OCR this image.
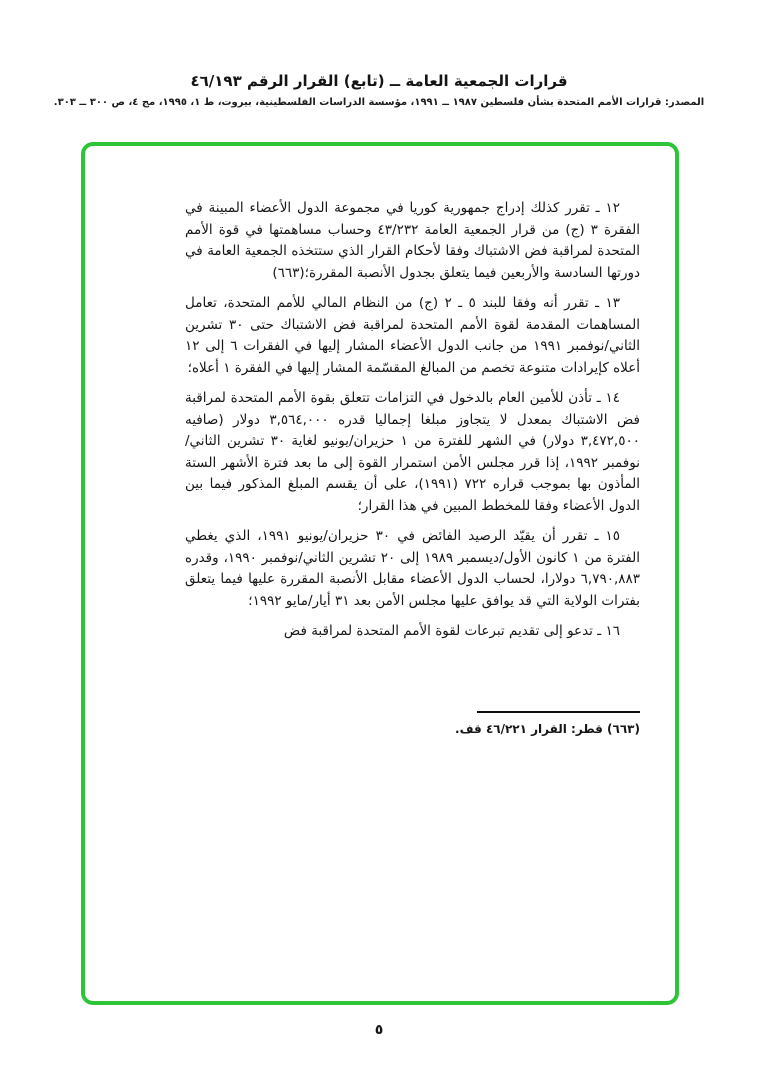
قرارات الجمعية العامة ــ (تابع) القرار الرقم ٤٦/١٩٣
المصدر: قرارات الأمم المتحدة بشأن فلسطين ١٩٨٧ ــ ١٩٩١، مؤسسة الدراسات الفلسطينية، بيروت، ط ١، ١٩٩٥، مج ٤، ص ٣٠٠ ــ ٣٠٣.

١٢ ـ تقرر كذلك إدراج جمهورية كوريا في مجموعة الدول الأعضاء المبينة في الفقرة ٣ (ج) من قرار الجمعية العامة ٤٣/٢٣٢ وحساب مساهمتها في قوة الأمم المتحدة لمراقبة فض الاشتباك وفقا لأحكام القرار الذي ستتخذه الجمعية العامة في دورتها السادسة والأربعين فيما يتعلق بجدول الأنصبة المقررة؛(٦٦٣)

١٣ ـ تقرر أنه وفقا للبند ٥ ـ ٢ (ج) من النظام المالي للأمم المتحدة، تعامل المساهمات المقدمة لقوة الأمم المتحدة لمراقبة فض الاشتباك حتى ٣٠ تشرين الثاني/نوفمبر ١٩٩١ من جانب الدول الأعضاء المشار إليها في الفقرات ٦ إلى ١٢ أعلاه كإيرادات متنوعة تخصم من المبالغ المقسّمة المشار إليها في الفقرة ١ أعلاه؛

١٤ ـ تأذن للأمين العام بالدخول في التزامات تتعلق بقوة الأمم المتحدة لمراقبة فض الاشتباك بمعدل لا يتجاوز مبلغا إجماليا قدره ٣,٥٦٤,٠٠٠ دولار (صافيه ٣,٤٧٢,٥٠٠ دولار) في الشهر للفترة من ١ حزيران/يونيو لغاية ٣٠ تشرين الثاني/نوفمبر ١٩٩٢، إذا قرر مجلس الأمن استمرار القوة إلى ما بعد فترة الأشهر الستة المأذون بها بموجب قراره ٧٢٢ (١٩٩١)، على أن يقسم المبلغ المذكور فيما بين الدول الأعضاء وفقا للمخطط المبين في هذا القرار؛

١٥ ـ تقرر أن يقيّد الرصيد الفائض في ٣٠ حزيران/يونيو ١٩٩١، الذي يغطي الفترة من ١ كانون الأول/ديسمبر ١٩٨٩ إلى ٢٠ تشرين الثاني/نوفمبر ١٩٩٠، وقدره ٦,٧٩٠,٨٨٣ دولارا، لحساب الدول الأعضاء مقابل الأنصبة المقررة عليها فيما يتعلق بفترات الولاية التي قد يوافق عليها مجلس الأمن بعد ٣١ أيار/مايو ١٩٩٢؛

١٦ ـ تدعو إلى تقديم تبرعات لقوة الأمم المتحدة لمراقبة فض

(٦٦٣) قطر: القرار ٤٦/٢٢١ قف.
٥
